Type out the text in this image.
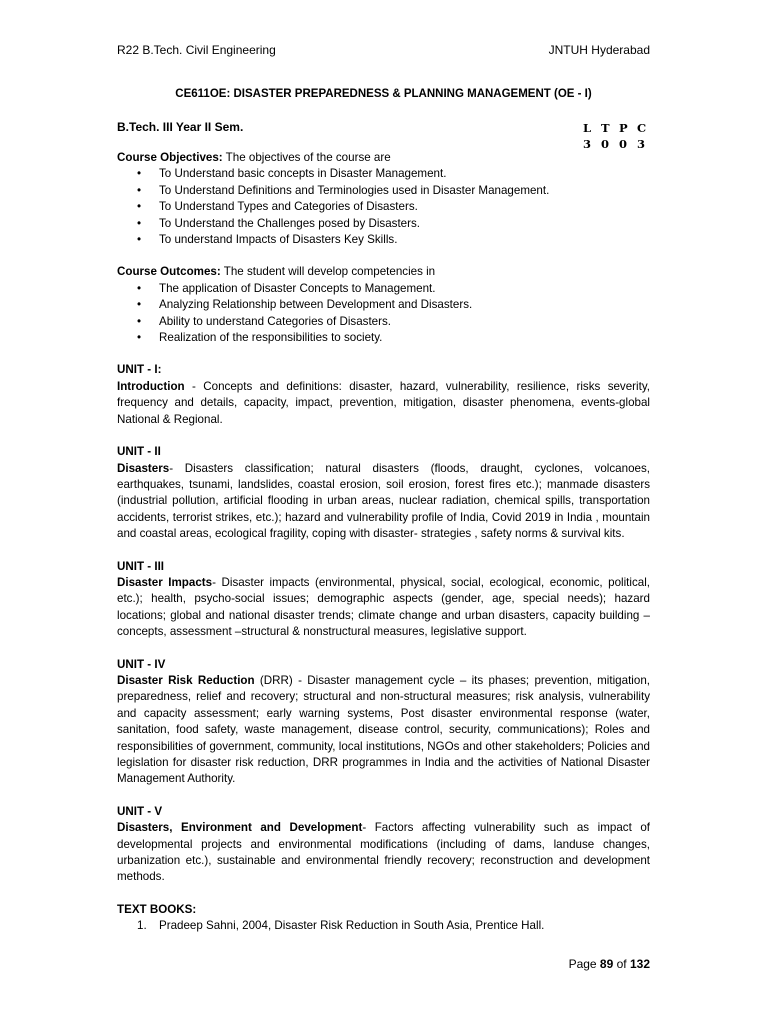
R22 B.Tech. Civil Engineering	JNTUH Hyderabad
CE611OE: DISASTER PREPAREDNESS & PLANNING MANAGEMENT (OE - I)
B.Tech. III Year II Sem.	L T P C
3 0 0 3

Course Objectives: The objectives of the course are

• To Understand basic concepts in Disaster Management.
• To Understand Definitions and Terminologies used in Disaster Management.
• To Understand Types and Categories of Disasters.
• To Understand the Challenges posed by Disasters.
• To understand Impacts of Disasters Key Skills.

Course Outcomes: The student will develop competencies in

• The application of Disaster Concepts to Management.
• Analyzing Relationship between Development and Disasters.
• Ability to understand Categories of Disasters.
• Realization of the responsibilities to society.

UNIT - I:

Introduction - Concepts and definitions: disaster, hazard, vulnerability, resilience, risks severity, frequency and details, capacity, impact, prevention, mitigation, disaster phenomena, events-global National & Regional.

UNIT - II

Disasters- Disasters classification; natural disasters (floods, draught, cyclones, volcanoes, earthquakes, tsunami, landslides, coastal erosion, soil erosion, forest fires etc.); manmade disasters (industrial pollution, artificial flooding in urban areas, nuclear radiation, chemical spills, transportation accidents, terrorist strikes, etc.); hazard and vulnerability profile of India, Covid 2019 in India , mountain and coastal areas, ecological fragility, coping with disaster- strategies , safety norms & survival kits.

UNIT - III

Disaster Impacts- Disaster impacts (environmental, physical, social, ecological, economic, political, etc.); health, psycho-social issues; demographic aspects (gender, age, special needs); hazard locations; global and national disaster trends; climate change and urban disasters, capacity building – concepts, assessment –structural & nonstructural measures, legislative support.

UNIT - IV

Disaster Risk Reduction (DRR) - Disaster management cycle – its phases; prevention, mitigation, preparedness, relief and recovery; structural and non-structural measures; risk analysis, vulnerability and capacity assessment; early warning systems, Post disaster environmental response (water, sanitation, food safety, waste management, disease control, security, communications); Roles and responsibilities of government, community, local institutions, NGOs and other stakeholders; Policies and legislation for disaster risk reduction, DRR programmes in India and the activities of National Disaster Management Authority.

UNIT - V

Disasters, Environment and Development- Factors affecting vulnerability such as impact of developmental projects and environmental modifications (including of dams, landuse changes, urbanization etc.), sustainable and environmental friendly recovery; reconstruction and development methods.

TEXT BOOKS:

1. Pradeep Sahni, 2004, Disaster Risk Reduction in South Asia, Prentice Hall.
Page 89 of 132
